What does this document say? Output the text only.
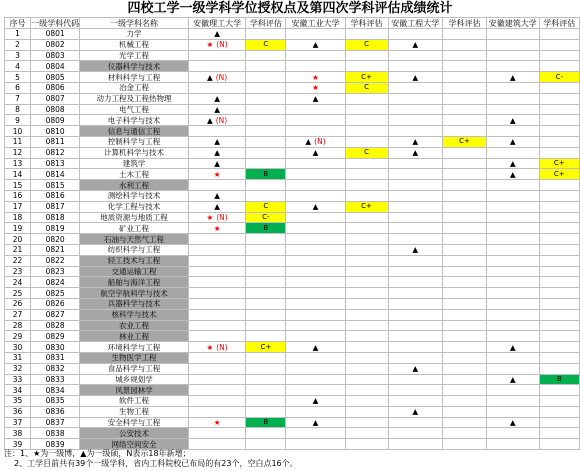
四校工学一级学科学位授权点及第四次学科评估成绩统计
序号	一级学科代码	一级学科名称	安徽理工大学	学科评估	安徽工业大学	学科评估	安徽工程大学	学科评估	安徽建筑大学	学科评估
1	0801	力学	▲							
2	0802	机械工程	★ (N)	C	▲	C	▲			
3	0803	光学工程								
4	0804	仪器科学与技术								
5	0805	材料科学与工程	▲ (N)		★	C+	▲		▲	C-
6	0806	冶金工程			★	C				
7	0807	动力工程及工程热物理	▲		▲					
8	0808	电气工程	▲							
9	0809	电子科学与技术	▲ (N)						▲	
10	0810	信息与通信工程								
11	0811	控制科学与工程	▲		▲ (N)		▲	C+	▲	
12	0812	计算机科学与技术	▲		▲	C	▲			
13	0813	建筑学	▲						▲	C+
14	0814	土木工程	★	B					▲	C+
15	0815	水利工程								
16	0816	测绘科学与技术	▲							
17	0817	化学工程与技术	▲	C	▲	C+				
18	0818	地质资源与地质工程	★ (N)	C-						
19	0819	矿业工程	★	B						
20	0820	石油与天然气工程								
21	0821	纺织科学与工程					▲			
22	0822	轻工技术与工程								
23	0823	交通运输工程								
24	0824	船舶与海洋工程								
25	0825	航空宇航科学与技术								
26	0826	兵器科学与技术								
27	0827	核科学与技术								
28	0828	农业工程								
29	0829	林业工程								
30	0830	环境科学与工程	★ (N)	C+	▲				▲	
31	0831	生物医学工程								
32	0832	食品科学与工程					▲			
33	0833	城乡规划学							▲	B
34	0834	风景园林学								
35	0835	软件工程			▲					
36	0836	生物工程					▲			
37	0837	安全科学与工程	★	B	▲				▲	
38	0838	公安技术								
39	0839	网络空间安全								
注：1、★为一级博，▲为一级硕，N表示18年新增；
2、工学目前共有39个一级学科，省内工科院校已布局的有23个，空白点16个。
